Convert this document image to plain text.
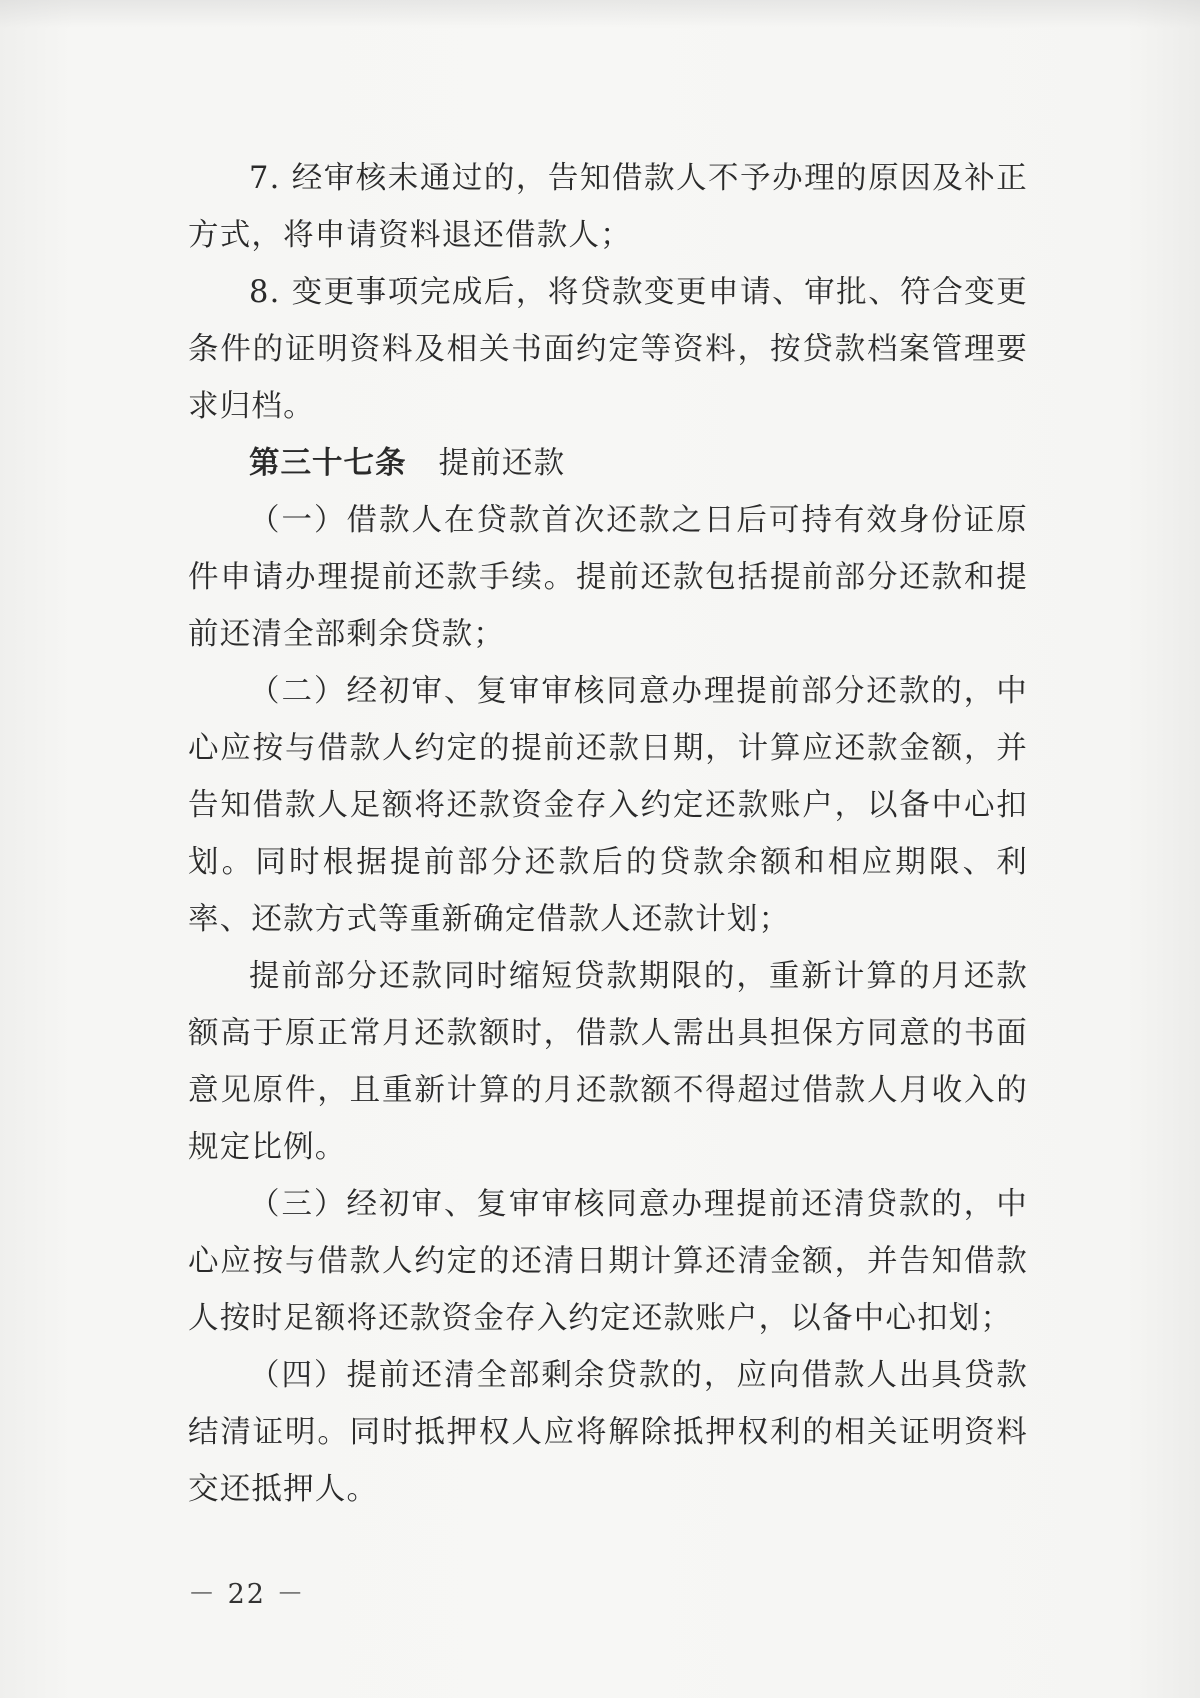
7. 经审核未通过的，告知借款人不予办理的原因及补正方式，将申请资料退还借款人；

8. 变更事项完成后，将贷款变更申请、审批、符合变更条件的证明资料及相关书面约定等资料，按贷款档案管理要求归档。

第三十七条 提前还款

（一）借款人在贷款首次还款之日后可持有效身份证原件申请办理提前还款手续。提前还款包括提前部分还款和提前还清全部剩余贷款；

（二）经初审、复审审核同意办理提前部分还款的，中心应按与借款人约定的提前还款日期，计算应还款金额，并告知借款人足额将还款资金存入约定还款账户，以备中心扣划。同时根据提前部分还款后的贷款余额和相应期限、利率、还款方式等重新确定借款人还款计划；

提前部分还款同时缩短贷款期限的，重新计算的月还款额高于原正常月还款额时，借款人需出具担保方同意的书面意见原件，且重新计算的月还款额不得超过借款人月收入的规定比例。

（三）经初审、复审审核同意办理提前还清贷款的，中心应按与借款人约定的还清日期计算还清金额，并告知借款人按时足额将还款资金存入约定还款账户，以备中心扣划；

（四）提前还清全部剩余贷款的，应向借款人出具贷款结清证明。同时抵押权人应将解除抵押权利的相关证明资料交还抵押人。

－ 22 －
